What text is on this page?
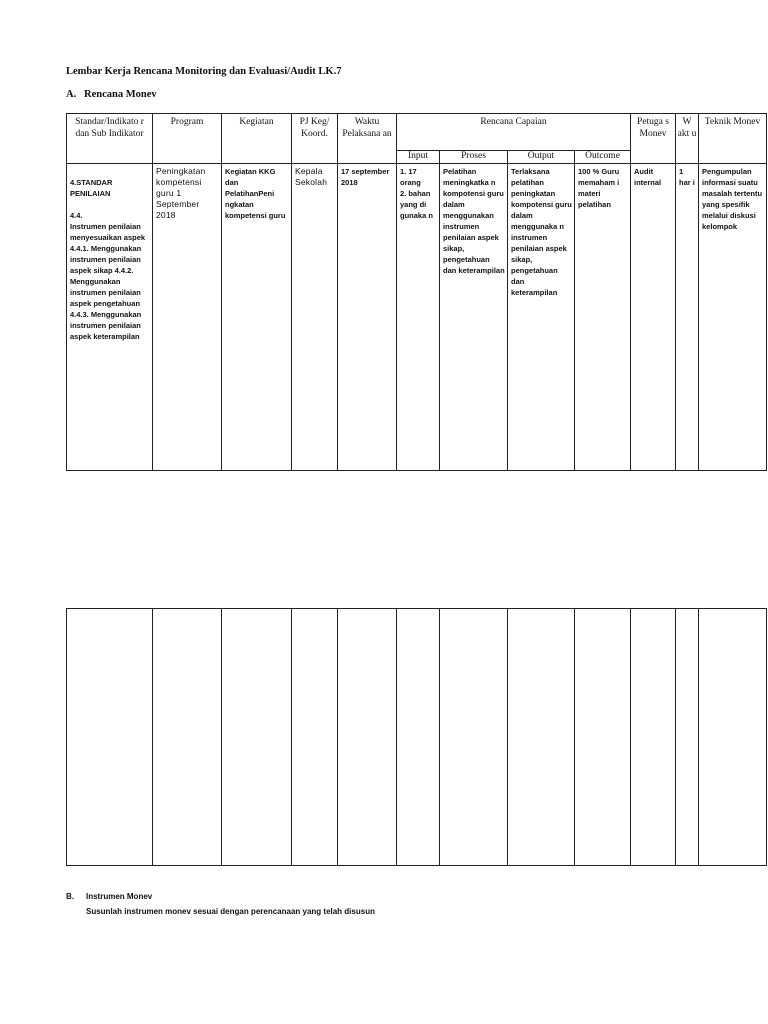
Lembar Kerja Rencana Monitoring dan Evaluasi/Audit LK.7

A. Rencana Monev

Standar/Indikato r dan Sub Indikator	Program	Kegiatan	PJ Keg/ Koord.	Waktu Pelaksana an	Rencana Capaian				Petuga s Monev	W akt u	Teknik Monev
					Input	Proses	Output	Outcome			

4.STANDAR PENILAIAN

4.4.
Instrumen penilaian menyesuaikan aspek 4.4.1. Menggunakan instrumen penilaian aspek sikap 4.4.2. Menggunakan instrumen penilaian aspek pengetahuan 4.4.3. Menggunakan instrumen penilaian aspek keterampilan	Peningkatan kompetensi guru 1 September 2018	Kegiatan KKG dan PelatihanPeni ngkatan kompetensi guru	Kepala Sekolah	17 september 2018	1. 17 orang
2. bahan yang di gunaka n	Pelatihan meningkatka n kompotensi guru dalam menggunakan instrumen penilaian aspek sikap, pengetahuan dan keterampilan	Terlaksana pelatihan peningkatan kompotensi guru dalam menggunaka n instrumen penilaian aspek sikap, pengetahuan dan keterampilan	100 % Guru memaham i materi pelatihan	Audit internal	1 har i	Pengumpulan informasi suatu masalah tertentu yang spesifik melalui diskusi kelompok

B. Instrumen Monev

Susunlah instrumen monev sesuai dengan perencanaan yang telah disusun
